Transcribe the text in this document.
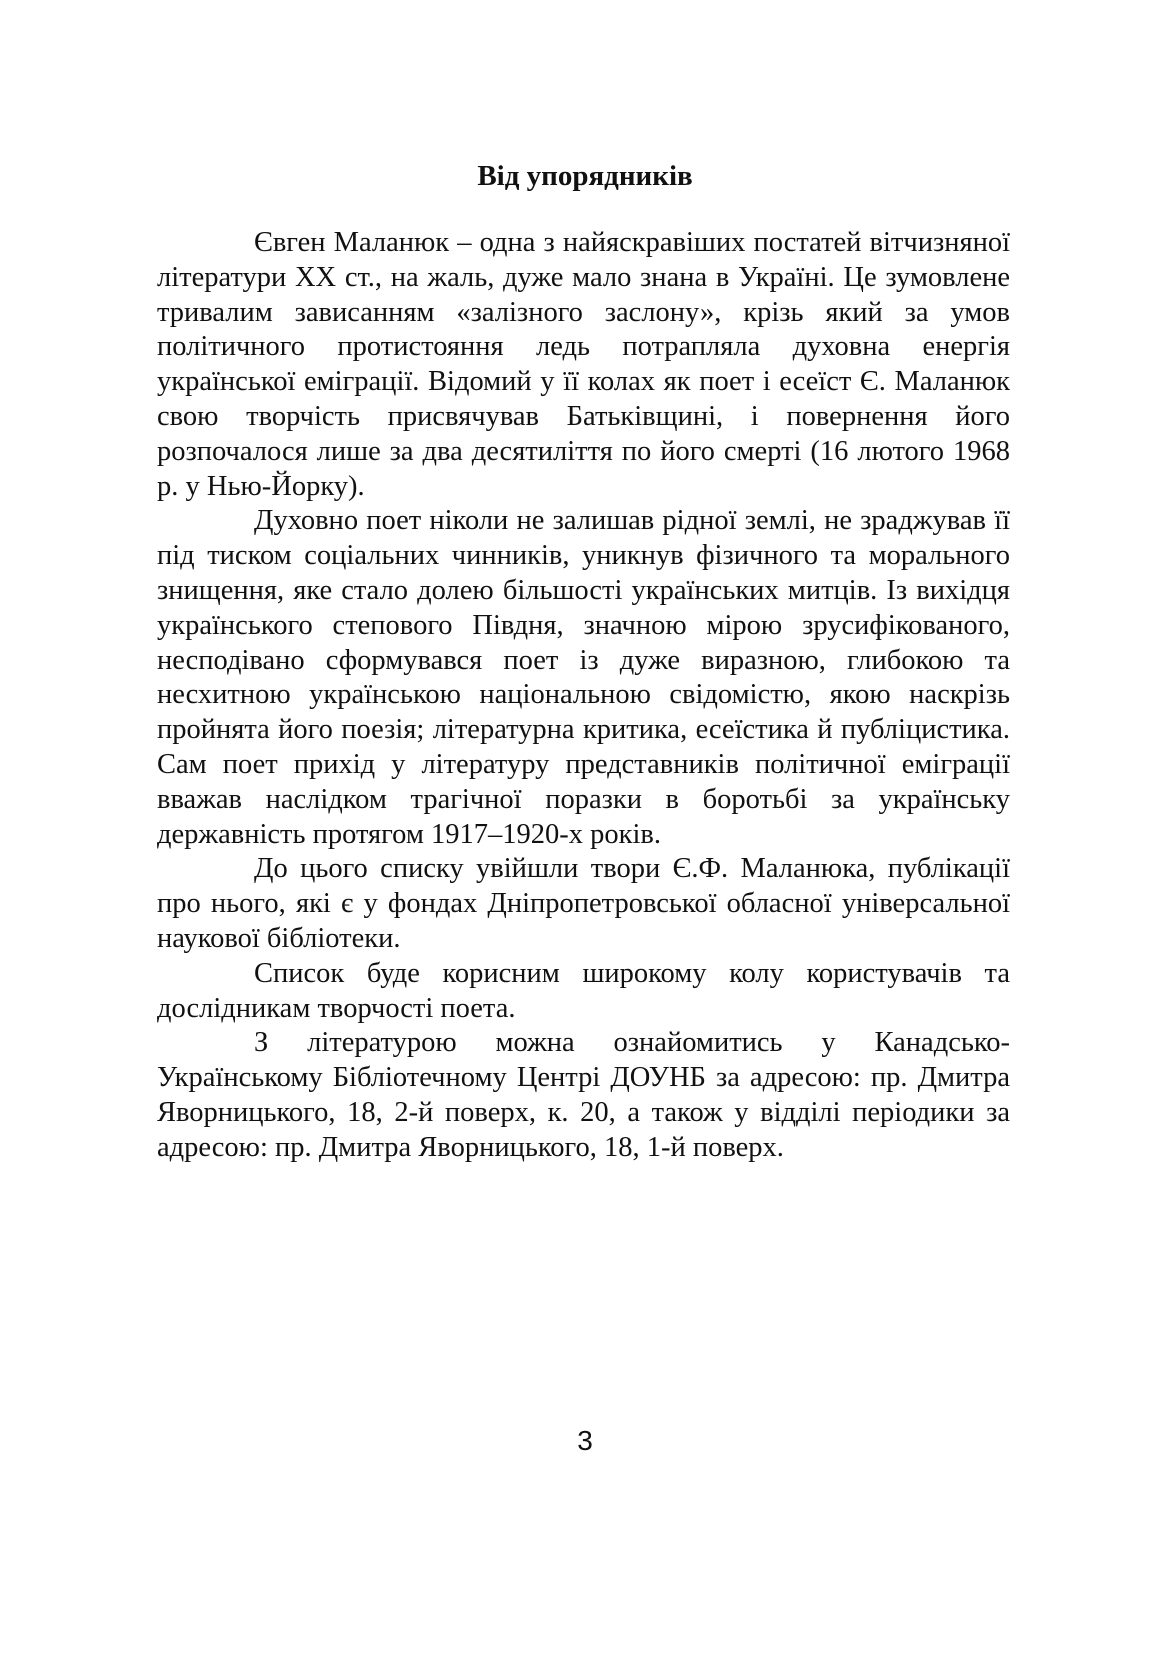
Від упорядників

Євген Маланюк – одна з найяскравіших постатей вітчизняної літератури ХХ ст., на жаль, дуже мало знана в Україні. Це зумовлене тривалим зависанням «залізного заслону», крізь який за умов політичного протистояння ледь потрапляла духовна енергія української еміграції. Відомий у її колах як поет і есеїст Є. Маланюк свою творчість присвячував Батьківщині, і повернення його розпочалося лише за два десятиліття по його смерті (16 лютого 1968 р. у Нью-Йорку).

Духовно поет ніколи не залишав рідної землі, не зраджував її під тиском соціальних чинників, уникнув фізичного та морального знищення, яке стало долею більшості українських митців. Із вихідця українського степового Півдня, значною мірою зрусифікованого, несподівано сформувався поет із дуже виразною, глибокою та несхитною українською національною свідомістю, якою наскрізь пройнята його поезія; літературна критика, есеїстика й публіцистика. Сам поет прихід у літературу представників політичної еміграції вважав наслідком трагічної поразки в боротьбі за українську державність протягом 1917–1920-х років.

До цього списку увійшли твори Є.Ф. Маланюка, публікації про нього, які є у фондах Дніпропетровської обласної універсальної наукової бібліотеки.

Список буде корисним широкому колу користувачів та дослідникам творчості поета.

З літературою можна ознайомитись у Канадсько-Українському Бібліотечному Центрі ДОУНБ за адресою: пр. Дмитра Яворницького, 18, 2-й поверх, к. 20, а також у відділі періодики за адресою: пр. Дмитра Яворницького, 18, 1-й поверх.

3
